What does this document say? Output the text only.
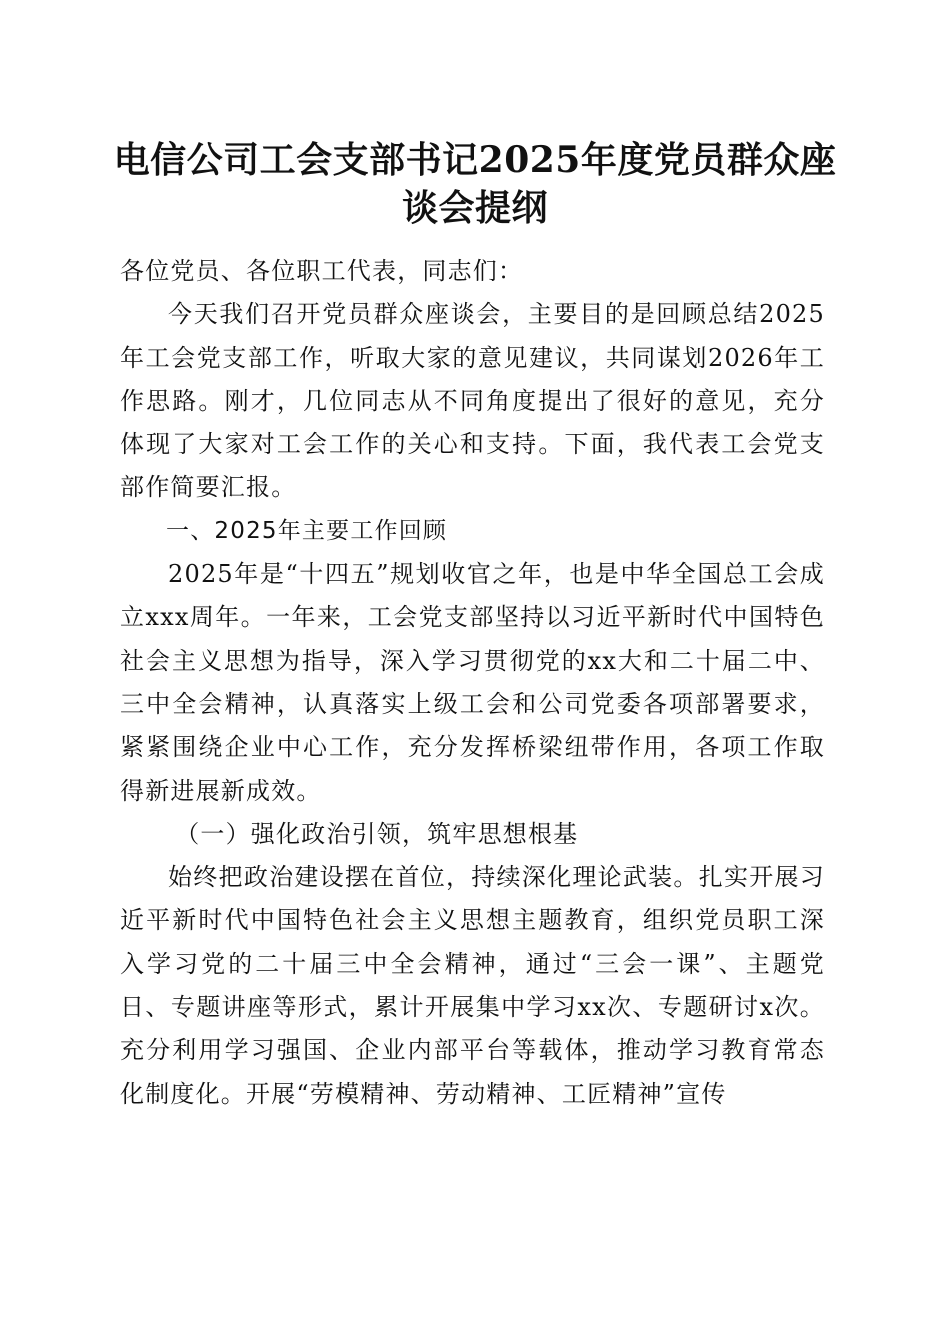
电信公司工会支部书记2025年度党员群众座
谈会提纲

各位党员、各位职工代表，同志们：

今天我们召开党员群众座谈会，主要目的是回顾总结2025年工会党支部工作，听取大家的意见建议，共同谋划2026年工作思路。刚才，几位同志从不同角度提出了很好的意见，充分体现了大家对工会工作的关心和支持。下面，我代表工会党支部作简要汇报。

一、2025年主要工作回顾

2025年是“十四五”规划收官之年，也是中华全国总工会成立xxx周年。一年来，工会党支部坚持以习近平新时代中国特色社会主义思想为指导，深入学习贯彻党的xx大和二十届二中、三中全会精神，认真落实上级工会和公司党委各项部署要求，紧紧围绕企业中心工作，充分发挥桥梁纽带作用，各项工作取得新进展新成效。

（一）强化政治引领，筑牢思想根基

始终把政治建设摆在首位，持续深化理论武装。扎实开展习近平新时代中国特色社会主义思想主题教育，组织党员职工深入学习党的二十届三中全会精神，通过“三会一课”、主题党日、专题讲座等形式，累计开展集中学习xx次、专题研讨x次。充分利用学习强国、企业内部平台等载体，推动学习教育常态化制度化。开展“劳模精神、劳动精神、工匠精神”宣传
